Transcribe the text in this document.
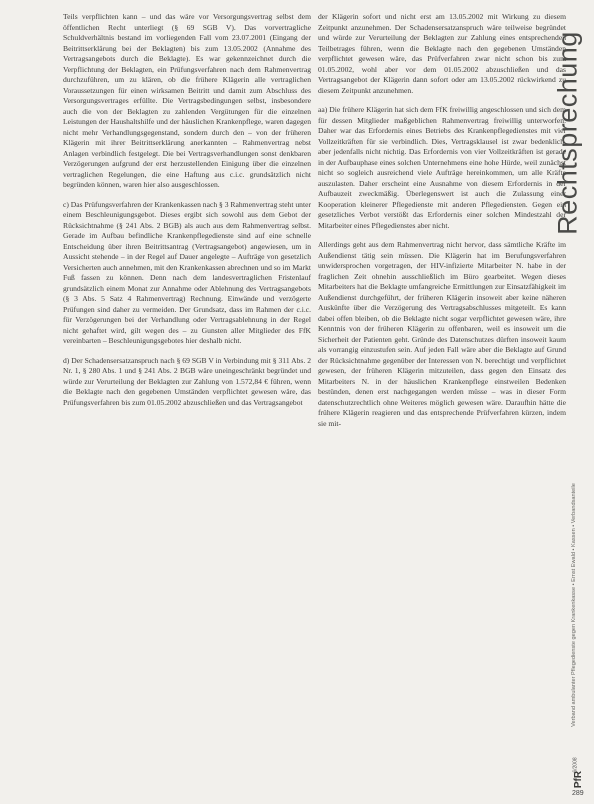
Teils verpflichten kann – und das wäre vor Versorgungsvertrag selbst dem öffentlichen Recht unterliegt (§ 69 SGB V). Das vorvertragliche Schuldverhältnis bestand im vorliegenden Fall vom 23.07.2001 (Eingang der Beitrittserklärung bei der Beklagten) bis zum 13.05.2002 (Annahme des Vertragsangebots durch die Beklagte). Es war gekennzeichnet durch die Verpflichtung der Beklagten, ein Prüfungsverfahren nach dem Rahmenvertrag durchzuführen, um zu klären, ob die frühere Klägerin alle vertraglichen Voraussetzungen für einen wirksamen Beitritt und damit zum Abschluss des Versorgungsvertrages erfüllte. Die Vertragsbedingungen selbst, insbesondere auch die von der Beklagten zu zahlenden Vergütungen für die einzelnen Leistungen der Haushaltshilfe und der häuslichen Krankenpflege, waren dagegen nicht mehr Verhandlungsgegenstand, sondern durch den – von der früheren Klägerin mit ihrer Beitrittserklärung anerkannten – Rahmenvertrag nebst Anlagen verbindlich festgelegt. Die bei Vertragsverhandlungen sonst denkbaren Verzögerungen aufgrund der erst herzustellenden Einigung über die einzelnen vertraglichen Regelungen, die eine Haftung aus c.i.c. grundsätzlich nicht begründen können, waren hier also ausgeschlossen.

c) Das Prüfungsverfahren der Krankenkassen nach § 3 Rahmenvertrag steht unter einem Beschleunigungsgebot. Dieses ergibt sich sowohl aus dem Gebot der Rücksichtnahme (§ 241 Abs. 2 BGB) als auch aus dem Rahmenvertrag selbst. Gerade im Aufbau befindliche Krankenpflegedienste sind auf eine schnelle Entscheidung über ihren Beitrittsantrag (Vertragsangebot) angewiesen, um in Aussicht stehende – in der Regel auf Dauer angelegte – Aufträge von gesetzlich Versicherten auch annehmen, mit den Krankenkassen abrechnen und so im Markt Fuß fassen zu können. Denn nach dem landesvertraglichen Fristenlauf grundsätzlich einem Monat zur Annahme oder Ablehnung des Vertragsangebots (§ 3 Abs. 5 Satz 4 Rahmenvertrag) Rechnung. Einwände und verzögerte Prüfungen sind daher zu vermeiden. Der Grundsatz, dass im Rahmen der c.i.c. für Verzögerungen bei der Verhandlung oder Vertragsablehnung in der Regel nicht gehaftet wird, gilt wegen des – zu Gunsten aller Mitglieder des FfK vereinbarten – Beschleunigungsgebotes hier deshalb nicht.

d) Der Schadensersatzanspruch nach § 69 SGB V in Verbindung mit § 311 Abs. 2 Nr. 1, § 280 Abs. 1 und § 241 Abs. 2 BGB wäre uneingeschränkt begründet und würde zur Verurteilung der Beklagten zur Zahlung von 1.572,84 € führen, wenn die Beklagte nach den gegebenen Umständen verpflichtet gewesen wäre, das Prüfungsverfahren bis zum 01.05.2002 abzuschließen und das Vertragsangebot

der Klägerin sofort und nicht erst am 13.05.2002 mit Wirkung zu diesem Zeitpunkt anzunehmen. Der Schadensersatzanspruch wäre teilweise begründet und würde zur Verurteilung der Beklagten zur Zahlung eines entsprechenden Teilbetrages führen, wenn die Beklagte nach den gegebenen Umständen verpflichtet gewesen wäre, das Prüfverfahren zwar nicht schon bis zum 01.05.2002, wohl aber vor dem 01.05.2002 abzuschließen und das Vertragsangebot der Klägerin dann sofort oder am 13.05.2002 rückwirkend zu diesem Zeitpunkt anzunehmen.

aa) Die frühere Klägerin hat sich dem FfK freiwillig angeschlossen und sich dem für dessen Mitglieder maßgeblichen Rahmenvertrag freiwillig unterworfen. Daher war das Erfordernis eines Betriebs des Krankenpflegedienstes mit vier Vollzeitkräften für sie verbindlich. Dies, Vertragsklausel ist zwar bedenklich, aber jedenfalls nicht nichtig. Das Erfordernis von vier Vollzeitkräften ist gerade in der Aufbauphase eines solchen Unternehmens eine hohe Hürde, weil zunächst nicht so sogleich ausreichend viele Aufträge hereinkommen, um alle Kräfte auszulasten. Daher erscheint eine Ausnahme von diesem Erfordernis in der Aufbauzeit zweckmäßig. Überlegenswert ist auch die Zulassung einer Kooperation kleinerer Pflegedienste mit anderen Pflegediensten. Gegen ein gesetzliches Verbot verstößt das Erfordernis einer solchen Mindestzahl der Mitarbeiter eines Pflegedienstes aber nicht.

Allerdings geht aus dem Rahmenvertrag nicht hervor, dass sämtliche Kräfte im Außendienst tätig sein müssen. Die Klägerin hat im Berufungsverfahren unwidersprochen vorgetragen, der HIV-infizierte Mitarbeiter N. habe in der fraglichen Zeit ohnehin ausschließlich im Büro gearbeitet. Wegen dieses Mitarbeiters hat die Beklagte umfangreiche Ermittlungen zur Einsatzfähigkeit im Außendienst durchgeführt, der früheren Klägerin insoweit aber keine näheren Auskünfte über die Verzögerung des Vertragsabschlusses mitgeteilt. Es kann dabei offen bleiben, ob die Beklagte nicht sogar verpflichtet gewesen wäre, ihre Kenntnis von der früheren Klägerin zu offenbaren, weil es insoweit um die Sicherheit der Patienten geht. Gründe des Datenschutzes dürften insoweit kaum als vorrangig einzustufen sein. Auf jeden Fall wäre aber die Beklagte auf Grund der Rücksichtnahme gegenüber der Interessen von N. berechtigt und verpflichtet gewesen, der früheren Klägerin mitzuteilen, dass gegen den Einsatz des Mitarbeiters N. in der häuslichen Krankenpflege einstweilen Bedenken bestünden, denen erst nachgegangen werden müsse – was in dieser Form datenschutzrechtlich ohne Weiteres möglich gewesen wäre. Daraufhin hätte die frühere Klägerin reagieren und das entsprechende Prüfverfahren kürzen, indem sie mit-

Rechtsprechung
Verband ambulanter Pflegedienste gegen Krankenkasse • Ernst Ewald • Kassen • Verbandsanteile
6/2008
PfR
289
